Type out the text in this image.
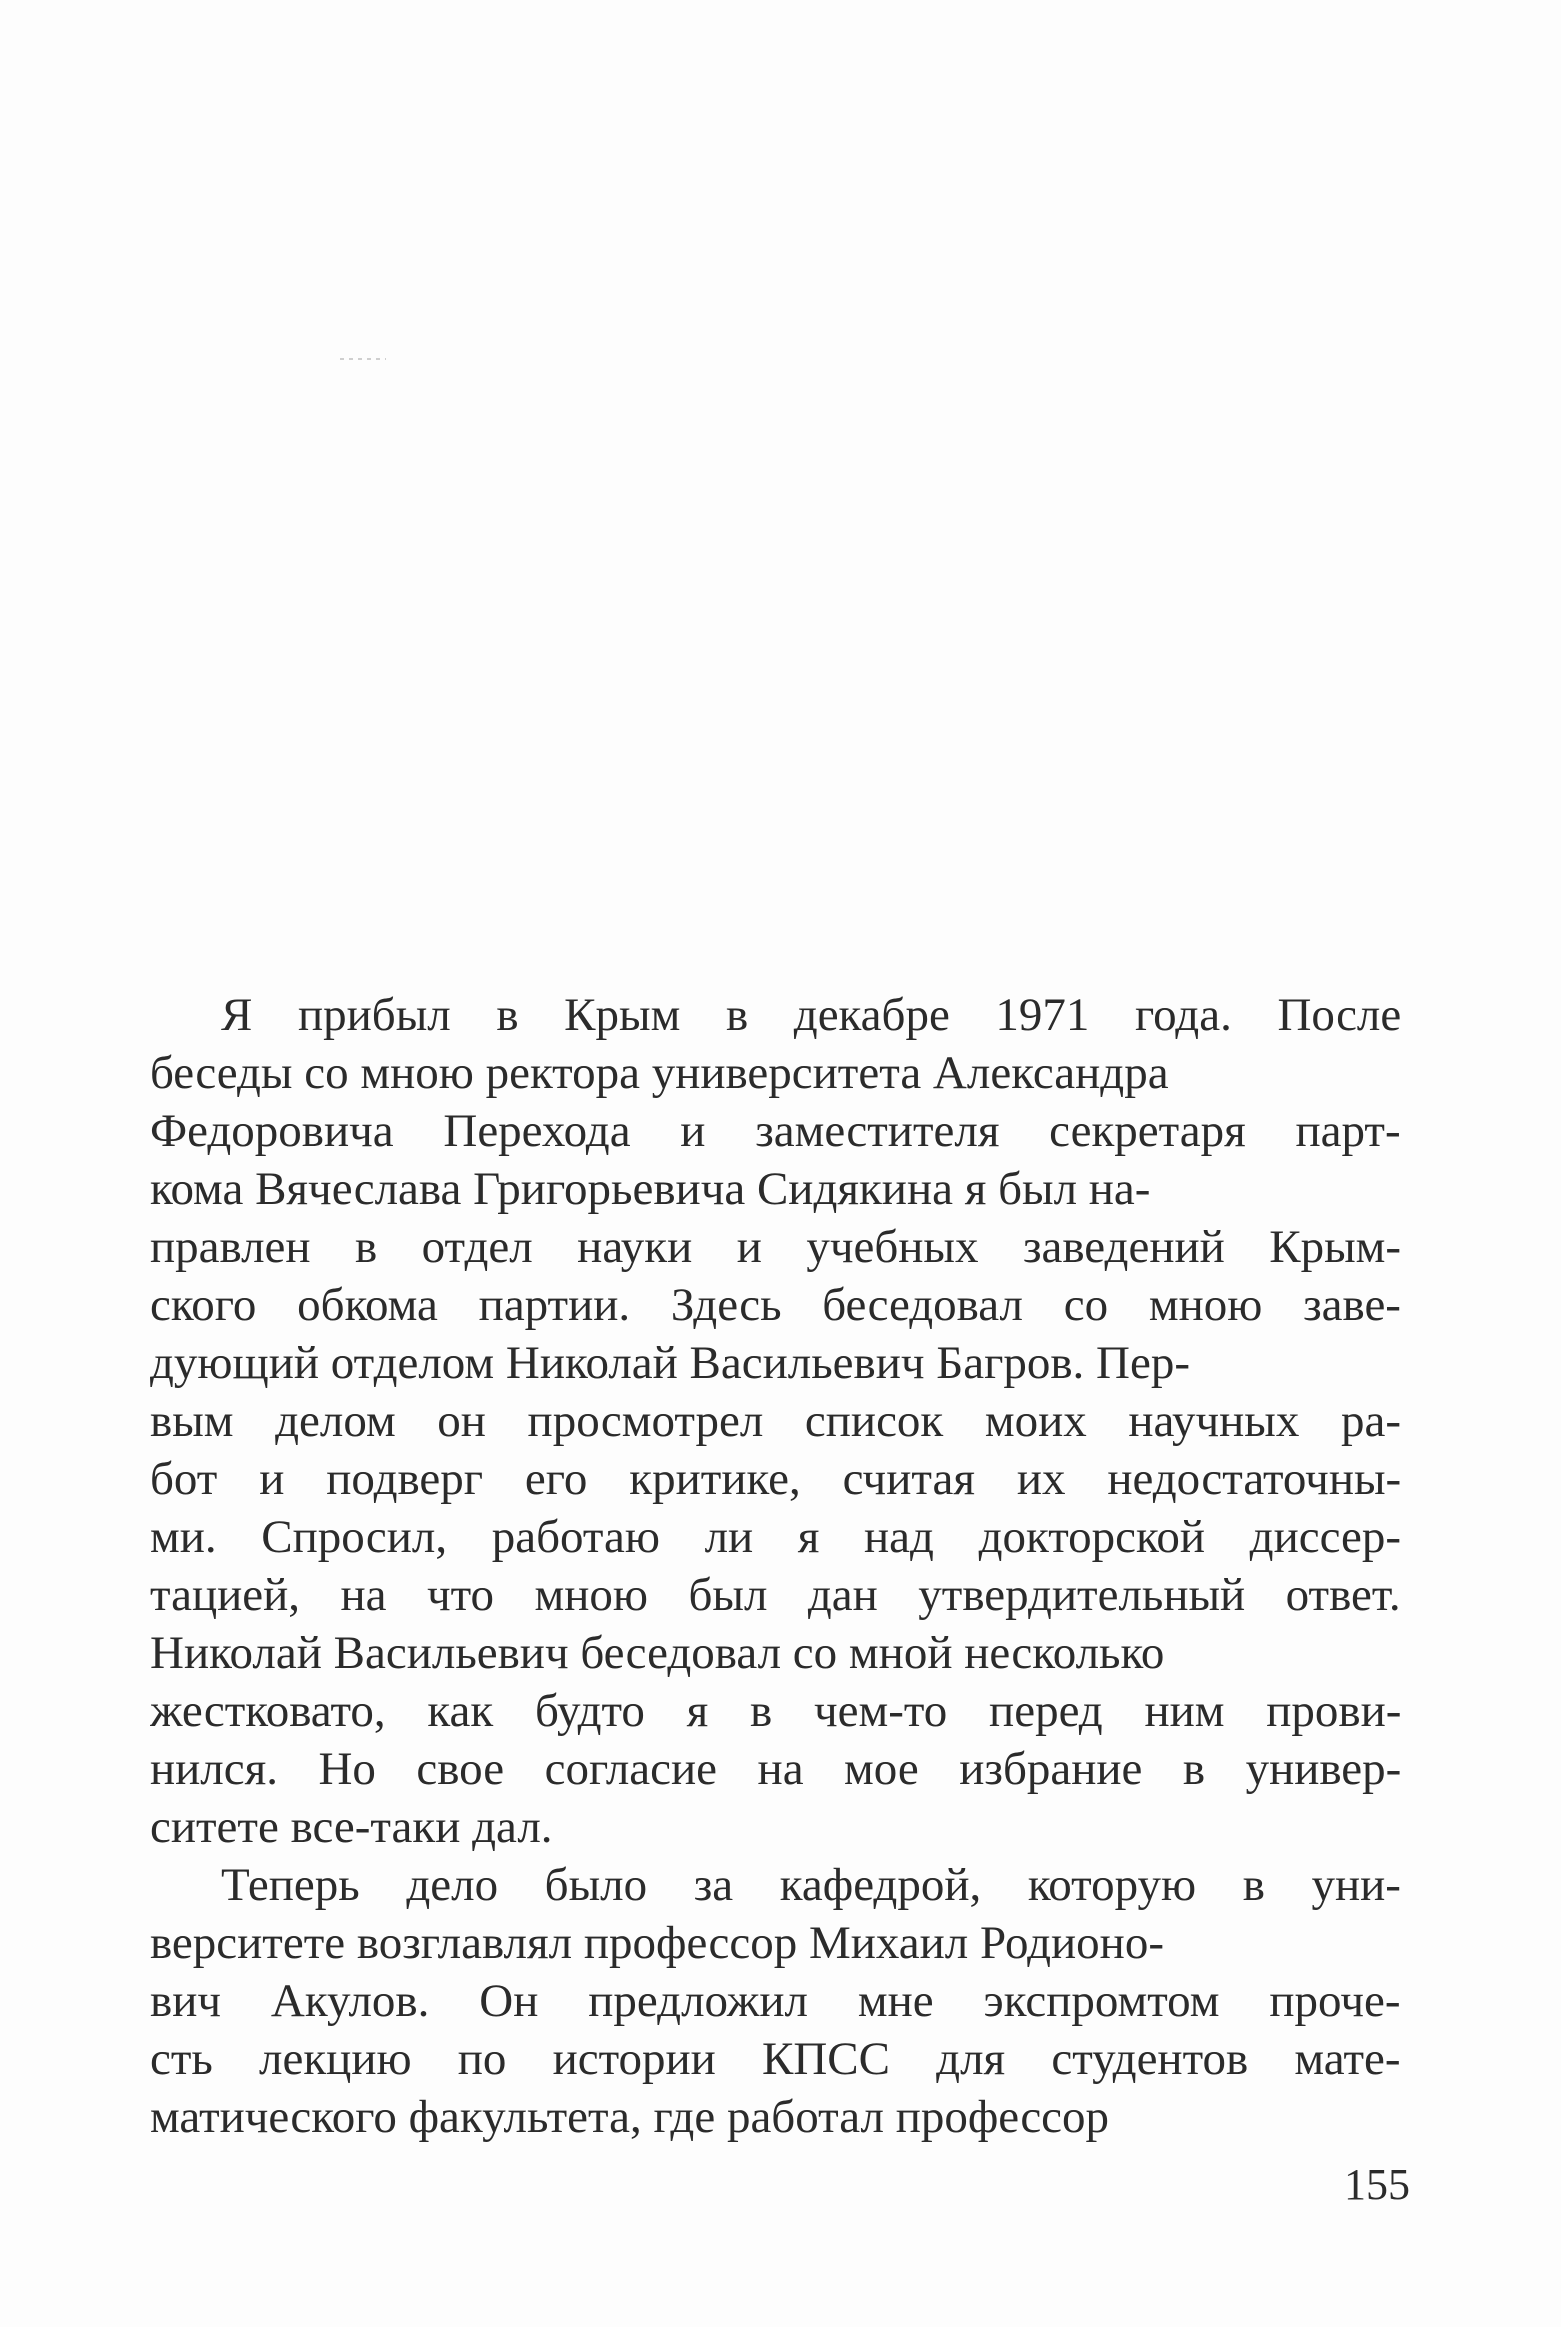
Я прибыл в Крым в декабре 1971 года. После
беседы со мною ректора университета Александра
Федоровича Перехода и заместителя секретаря парт-
кома Вячеслава Григорьевича Сидякина я был на-
правлен в отдел науки и учебных заведений Крым-
ского обкома партии. Здесь беседовал со мною заве-
дующий отделом Николай Васильевич Багров. Пер-
вым делом он просмотрел список моих научных ра-
бот и подверг его критике, считая их недостаточны-
ми. Спросил, работаю ли я над докторской диссер-
тацией, на что мною был дан утвердительный ответ.
Николай Васильевич беседовал со мной несколько
жестковато, как будто я в чем-то перед ним прови-
нился. Но свое согласие на мое избрание в универ-
ситете все-таки дал.
Теперь дело было за кафедрой, которую в уни-
верситете возглавлял профессор Михаил Родионо-
вич Акулов. Он предложил мне экспромтом проче-
сть лекцию по истории КПСС для студентов мате-
матического факультета, где работал профессор
155
